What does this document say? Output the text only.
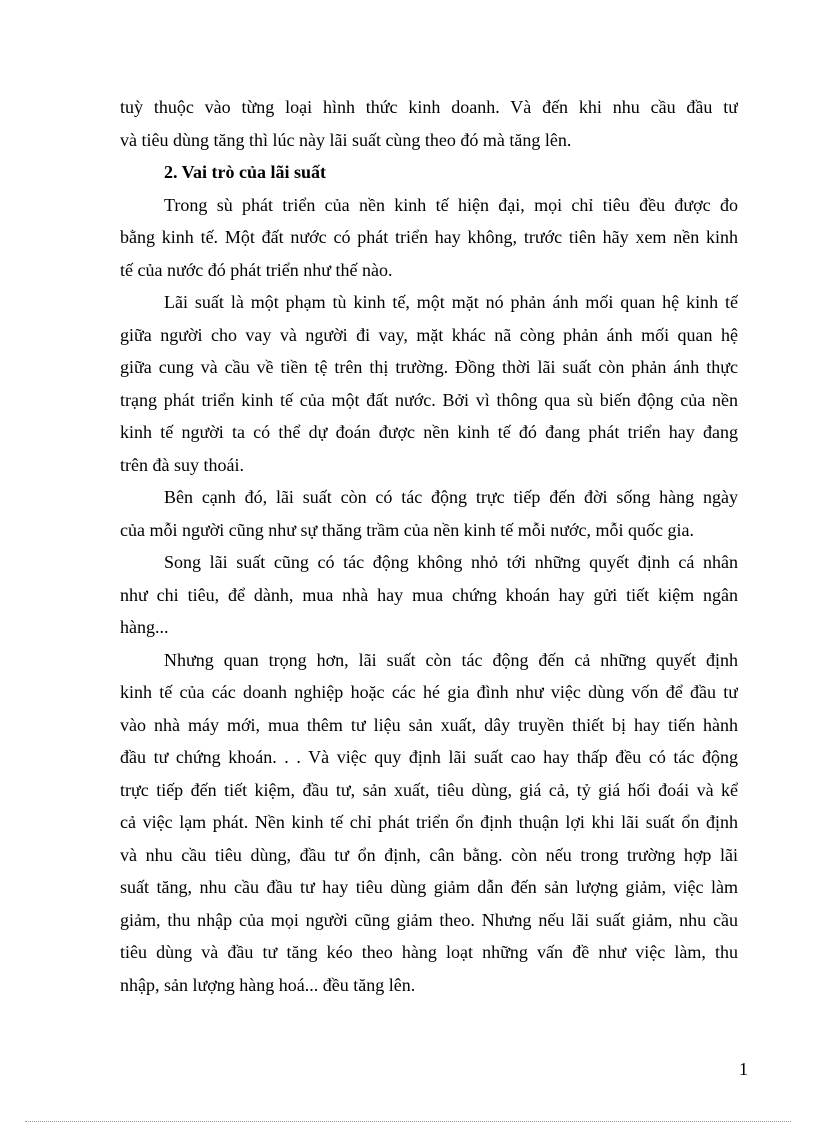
tuỳ thuộc vào từng loại hình thức kinh doanh. Và đến khi nhu cầu đầu tư
và tiêu dùng tăng thì lúc này lãi suất cùng theo đó mà tăng lên.
2. Vai trò của lãi suất
Trong sù phát triển của nền kinh tế hiện đại, mọi chỉ tiêu đều được đo
bằng kinh tế. Một đất nước có phát triển hay không, trước tiên hãy xem nền kinh
tế của nước đó phát triển như thế nào.
Lãi suất là một phạm tù kinh tế, một mặt nó phản ánh mối quan hệ kinh tế
giữa người cho vay và người đi vay, mặt khác nã còng phản ánh mối quan hệ
giữa cung và cầu về tiền tệ trên thị trường. Đồng thời lãi suất còn phản ánh thực
trạng phát triển kinh tế của một đất nước. Bởi vì thông qua sù biến động của nền
kinh tế người ta có thể dự đoán được nền kinh tế đó đang phát triển hay đang
trên đà suy thoái.
Bên cạnh đó, lãi suất còn có tác động trực tiếp đến đời sống hàng ngày
của mỗi người cũng như sự thăng trầm của nền kinh tế mỗi nước, mỗi quốc gia.
Song lãi suất cũng có tác động không nhỏ tới những quyết định cá nhân
như chi tiêu, để dành, mua nhà hay mua chứng khoán hay gửi tiết kiệm ngân
hàng...
Nhưng quan trọng hơn, lãi suất còn tác động đến cả những quyết định
kinh tế của các doanh nghiệp hoặc các hé gia đình như việc dùng vốn để đầu tư
vào nhà máy mới, mua thêm tư liệu sản xuất, dây truyền thiết bị hay tiến hành
đầu tư chứng khoán. . . Và việc quy định lãi suất cao hay thấp đều có tác động
trực tiếp đến tiết kiệm, đầu tư, sản xuất, tiêu dùng, giá cả, tỷ giá hối đoái và kể
cả việc lạm phát. Nền kinh tế chỉ phát triển ổn định thuận lợi khi lãi suất ổn định
và nhu cầu tiêu dùng, đầu tư ổn định, cân bằng. còn nếu trong trường hợp lãi
suất tăng, nhu cầu đầu tư hay tiêu dùng giảm dẫn đến sản lượng giảm, việc làm
giảm, thu nhập của mọi người cũng giảm theo. Nhưng nếu lãi suất giảm, nhu cầu
tiêu dùng và đầu tư tăng kéo theo hàng loạt những vấn đề như việc làm, thu
nhập, sản lượng hàng hoá... đều tăng lên.
1
